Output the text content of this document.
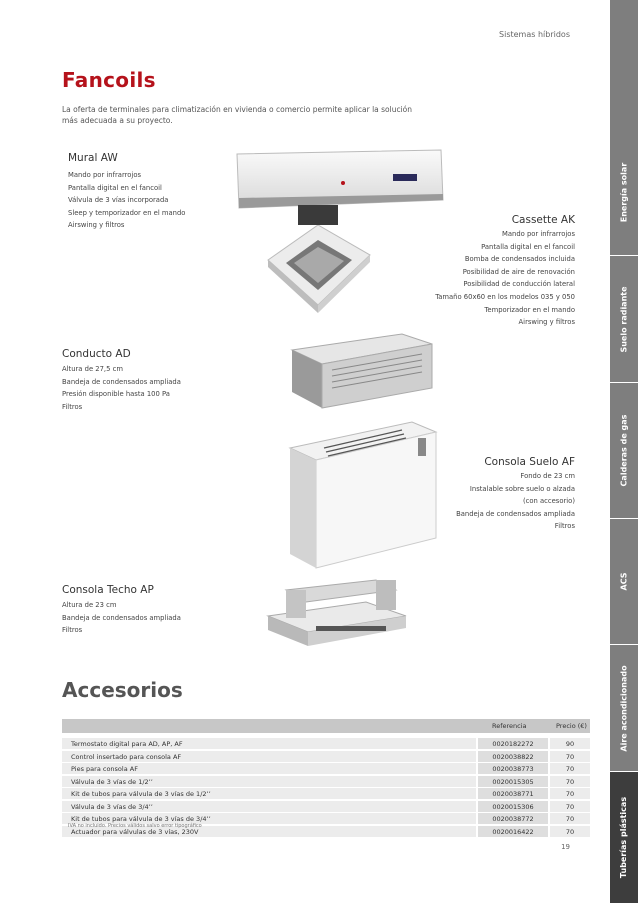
Sistemas híbridos
Fancoils
La oferta de terminales para climatización en vivienda o comercio permite aplicar la solución más adecuada a su proyecto.
Mural AW
Mando por infrarrojos
Pantalla digital en el fancoil
Válvula de 3 vías incorporada
Sleep y temporizador en el mando
Airswing y filtros	Cassette AK
Mando por infrarrojos
Pantalla digital en el fancoil
Bomba de condensados incluida
Posibilidad de aire de renovación
Posibilidad de conducción lateral
Tamaño 60x60 en los modelos 035 y 050
Temporizador en el mando
Airswing y filtros
Conducto AD
Altura de 27,5 cm
Bandeja de condensados ampliada
Presión disponible hasta 100 Pa
Filtros
Consola Suelo AF
Fondo de 23 cm
Instalable sobre suelo o alzada
(con accesorio)
Bandeja de condensados ampliada
Filtros
Consola Techo AP
Altura de 23 cm
Bandeja de condensados ampliada
Filtros
Accesorios
Referencia	Precio (€)
Termostato digital para AD, AP, AF	0020182272	90
Control insertado para consola AF	0020038822	70
Pies para consola AF	0020038773	70
Válvula de 3 vías de 1/2’’	0020015305	70
Kit de tubos para válvula de 3 vías de 1/2’’	0020038771	70
Válvula de 3 vías de 3/4’’	0020015306	70
Kit de tubos para válvula de 3 vías de 3/4’’	0020038772	70
Actuador para válvulas de 3 vías, 230V	0020016422	70
IVA no incluido. Precios válidos salvo error tipográfico
19
Energía solar
Suelo radiante
Calderas de gas
ACS
Aire acondicionado
Tuberías plásticas
